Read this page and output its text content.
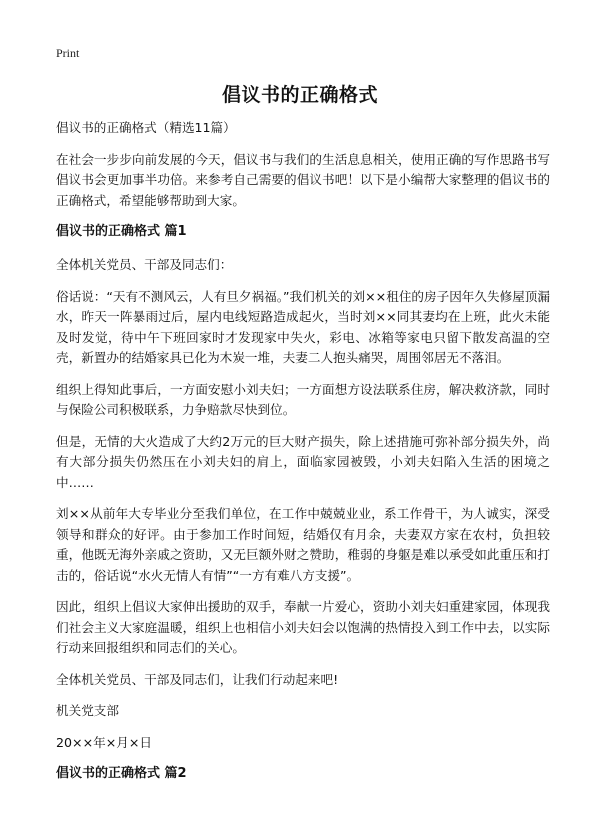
Print
倡议书的正确格式

倡议书的正确格式（精选11篇）

在社会一步步向前发展的今天，倡议书与我们的生活息息相关，使用正确的写作思路书写倡议书会更加事半功倍。来参考自己需要的倡议书吧！以下是小编帮大家整理的倡议书的正确格式，希望能够帮助到大家。

倡议书的正确格式 篇1

全体机关党员、干部及同志们：

俗话说：“天有不测风云，人有旦夕祸福。”我们机关的刘××租住的房子因年久失修屋顶漏水，昨天一阵暴雨过后，屋内电线短路造成起火，当时刘××同其妻均在上班，此火未能及时发觉，待中午下班回家时才发现家中失火，彩电、冰箱等家电只留下散发高温的空壳，新置办的结婚家具已化为木炭一堆，夫妻二人抱头痛哭，周围邻居无不落泪。

组织上得知此事后，一方面安慰小刘夫妇；一方面想方设法联系住房，解决救济款，同时与保险公司积极联系，力争赔款尽快到位。

但是，无情的大火造成了大约2万元的巨大财产损失，除上述措施可弥补部分损失外，尚有大部分损失仍然压在小刘夫妇的肩上，面临家园被毁，小刘夫妇陷入生活的困境之中……

刘××从前年大专毕业分至我们单位，在工作中兢兢业业，系工作骨干，为人诚实，深受领导和群众的好评。由于参加工作时间短，结婚仅有月余，夫妻双方家在农村，负担较重，他既无海外亲戚之资助，又无巨额外财之赞助，稚弱的身躯是难以承受如此重压和打击的，俗话说“水火无情人有情”“一方有难八方支援”。

因此，组织上倡议大家伸出援助的双手，奉献一片爱心，资助小刘夫妇重建家园，体现我们社会主义大家庭温暖，组织上也相信小刘夫妇会以饱满的热情投入到工作中去，以实际行动来回报组织和同志们的关心。

全体机关党员、干部及同志们，让我们行动起来吧!

机关党支部

20××年×月×日

倡议书的正确格式 篇2
